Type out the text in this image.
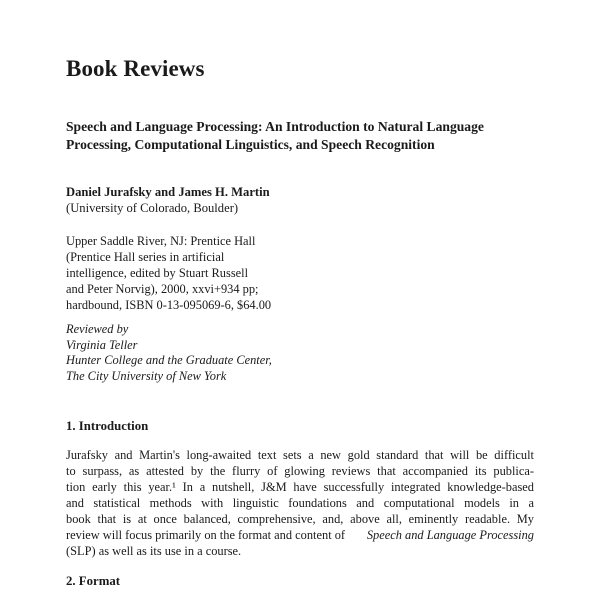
Book Reviews
Speech and Language Processing: An Introduction to Natural Language Processing, Computational Linguistics, and Speech Recognition
Daniel Jurafsky and James H. Martin
(University of Colorado, Boulder)
Upper Saddle River, NJ: Prentice Hall
(Prentice Hall series in artificial
intelligence, edited by Stuart Russell
and Peter Norvig), 2000, xxvi+934 pp;
hardbound, ISBN 0-13-095069-6, $64.00
Reviewed by
Virginia Teller
Hunter College and the Graduate Center,
The City University of New York
1. Introduction
Jurafsky and Martin's long-awaited text sets a new gold standard that will be difficult
to surpass, as attested by the flurry of glowing reviews that accompanied its publica-
tion early this year.¹ In a nutshell, J&M have successfully integrated knowledge-based
and statistical methods with linguistic foundations and computational models in a
book that is at once balanced, comprehensive, and, above all, eminently readable. My
review will focus primarily on the format and content of Speech and Language Processing
(SLP) as well as its use in a course.
2. Format
